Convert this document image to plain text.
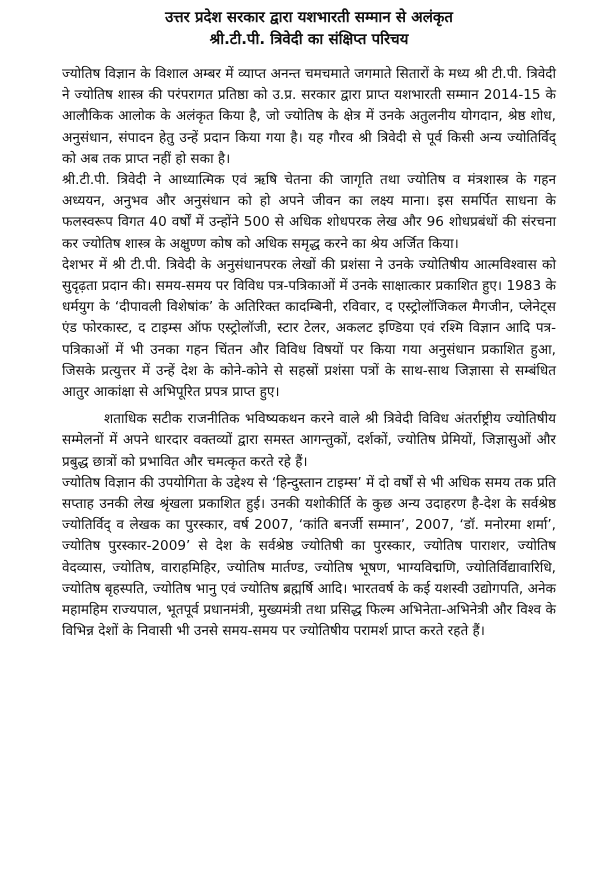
उत्तर प्रदेश सरकार द्वारा यशभारती सम्मान से अलंकृत
श्री.टी.पी. त्रिवेदी का संक्षिप्त परिचय

ज्योतिष विज्ञान के विशाल अम्बर में व्याप्त अनन्त चमचमाते जगमाते सितारों के मध्य श्री टी.पी. त्रिवेदी ने ज्योतिष शास्त्र की परंपरागत प्रतिष्ठा को उ.प्र. सरकार द्वारा प्राप्त यशभारती सम्मान 2014-15 के आलौकिक आलोक के अलंकृत किया है, जो ज्योतिष के क्षेत्र में उनके अतुलनीय योगदान, श्रेष्ठ शोध, अनुसंधान, संपादन हेतु उन्हें प्रदान किया गया है। यह गौरव श्री त्रिवेदी से पूर्व किसी अन्य ज्योतिर्विद् को अब तक प्राप्त नहीं हो सका है।

श्री.टी.पी. त्रिवेदी ने आध्यात्मिक एवं ऋषि चेतना की जागृति तथा ज्योतिष व मंत्रशास्त्र के गहन अध्ययन, अनुभव और अनुसंधान को हो अपने जीवन का लक्ष्य माना। इस समर्पित साधना के फलस्वरूप विगत 40 वर्षों में उन्होंने 500 से अधिक शोधपरक लेख और 96 शोधप्रबंधों की संरचना कर ज्योतिष शास्त्र के अक्षुण्ण कोष को अधिक समृद्ध करने का श्रेय अर्जित किया।

देशभर में श्री टी.पी. त्रिवेदी के अनुसंधानपरक लेखों की प्रशंसा ने उनके ज्योतिषीय आत्मविश्वास को सुदृढ़ता प्रदान की। समय-समय पर विविध पत्र-पत्रिकाओं में उनके साक्षात्कार प्रकाशित हुए। 1983 के धर्मयुग के ‘दीपावली विशेषांक’ के अतिरिक्त कादम्बिनी, रविवार, द एस्ट्रोलॉजिकल मैगजीन, प्लेनेट्स एंड फोरकास्ट, द टाइम्स ऑफ एस्ट्रोलॉजी, स्टार टेलर, अकलट इण्डिया एवं रश्मि विज्ञान आदि पत्र-पत्रिकाओं में भी उनका गहन चिंतन और विविध विषयों पर किया गया अनुसंधान प्रकाशित हुआ, जिसके प्रत्युत्तर में उन्हें देश के कोने-कोने से सहस्रों प्रशंसा पत्रों के साथ-साथ जिज्ञासा से सम्बंधित आतुर आकांक्षा से अभिपूरित प्रपत्र प्राप्त हुए।

शताधिक सटीक राजनीतिक भविष्यकथन करने वाले श्री त्रिवेदी विविध अंतर्राष्ट्रीय ज्योतिषीय सम्मेलनों में अपने धारदार वक्तव्यों द्वारा समस्त आगन्तुकों, दर्शकों, ज्योतिष प्रेमियों, जिज्ञासुओं और प्रबुद्ध छात्रों को प्रभावित और चमत्कृत करते रहे हैं।

ज्योतिष विज्ञान की उपयोगिता के उद्देश्य से ‘हिन्दुस्तान टाइम्स’ में दो वर्षों से भी अधिक समय तक प्रति सप्ताह उनकी लेख श्रृंखला प्रकाशित हुई। उनकी यशोकीर्ति के कुछ अन्य उदाहरण है-देश के सर्वश्रेष्ठ ज्योतिर्विद् व लेखक का पुरस्कार, वर्ष 2007, ‘कांति बनर्जी सम्मान’, 2007, ‘डॉ. मनोरमा शर्मा’, ज्योतिष पुरस्कार-2009’ से देश के सर्वश्रेष्ठ ज्योतिषी का पुरस्कार, ज्योतिष पाराशर, ज्योतिष वेदव्यास, ज्योतिष, वाराहमिहिर, ज्योतिष मार्तण्ड, ज्योतिष भूषण, भाग्यविद्मणि, ज्योतिर्विद्यावारिधि, ज्योतिष बृहस्पति, ज्योतिष भानु एवं ज्योतिष ब्रह्मर्षि आदि। भारतवर्ष के कई यशस्वी उद्योगपति, अनेक महामहिम राज्यपाल, भूतपूर्व प्रधानमंत्री, मुख्यमंत्री तथा प्रसिद्ध फिल्म अभिनेता-अभिनेत्री और विश्व के विभिन्न देशों के निवासी भी उनसे समय-समय पर ज्योतिषीय परामर्श प्राप्त करते रहते हैं।
